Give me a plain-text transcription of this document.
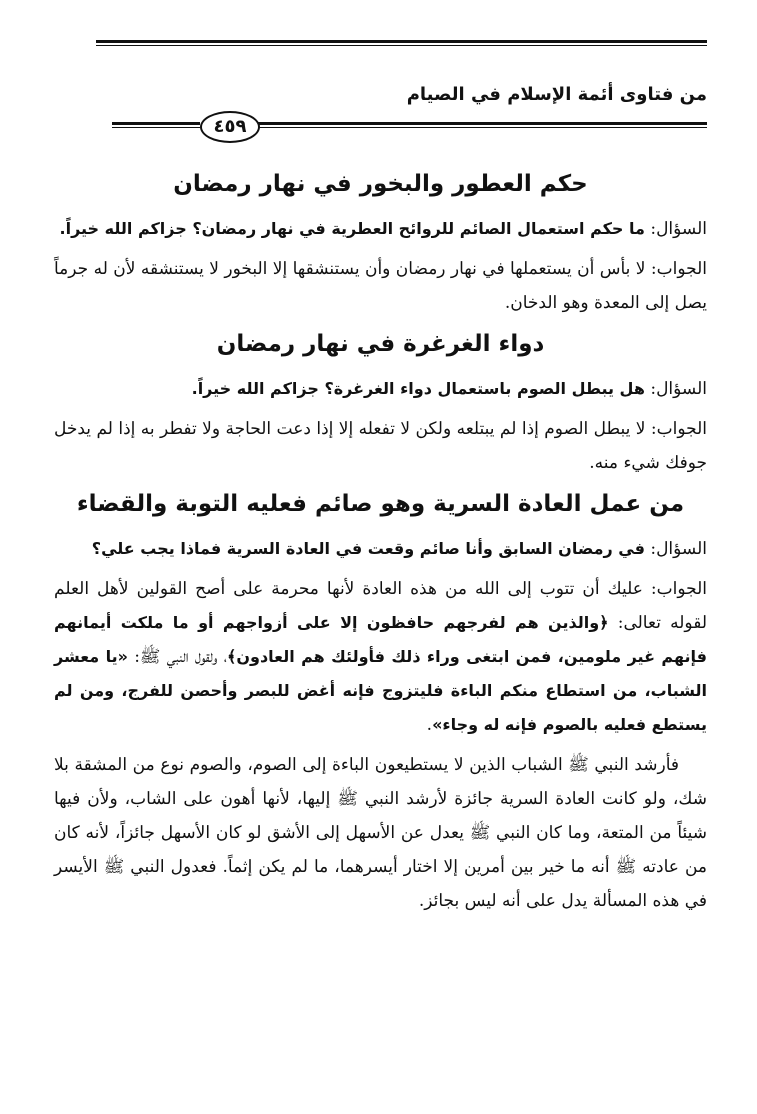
من فتاوى أئمة الإسلام في الصيام
٤٥٩
حكم العطور والبخور في نهار رمضان

السؤال: ما حكم استعمال الصائم للروائح العطرية في نهار رمضان؟ جزاكم الله خيراً.

الجواب: لا بأس أن يستعملها في نهار رمضان وأن يستنشقها إلا البخور لا يستنشقه لأن له جرماً يصل إلى المعدة وهو الدخان.

دواء الغرغرة في نهار رمضان

السؤال: هل يبطل الصوم باستعمال دواء الغرغرة؟ جزاكم الله خيراً.

الجواب: لا يبطل الصوم إذا لم يبتلعه ولكن لا تفعله إلا إذا دعت الحاجة ولا تفطر به إذا لم يدخل جوفك شيء منه.

من عمل العادة السرية وهو صائم فعليه التوبة والقضاء

السؤال: في رمضان السابق وأنا صائم وقعت في العادة السرية فماذا يجب علي؟

الجواب: عليك أن تتوب إلى الله من هذه العادة لأنها محرمة على أصح القولين لأهل العلم لقوله تعالى: ﴿والذين هم لفرجهم حافظون إلا على أزواجهم أو ما ملكت أيمانهم فإنهم غير ملومين، فمن ابتغى وراء ذلك فأولئك هم العادون﴾، ولقول النبي ﷺ: «يا معشر الشباب، من استطاع منكم الباءة فليتزوج فإنه أغض للبصر وأحصن للفرج، ومن لم يستطع فعليه بالصوم فإنه له وجاء».

فأرشد النبي ﷺ الشباب الذين لا يستطيعون الباءة إلى الصوم، والصوم نوع من المشقة بلا شك، ولو كانت العادة السرية جائزة لأرشد النبي ﷺ إليها، لأنها أهون على الشاب، ولأن فيها شيئاً من المتعة، وما كان النبي ﷺ يعدل عن الأسهل إلى الأشق لو كان الأسهل جائزاً، لأنه كان من عادته ﷺ أنه ما خير بين أمرين إلا اختار أيسرهما، ما لم يكن إثماً. فعدول النبي ﷺ الأيسر في هذه المسألة يدل على أنه ليس بجائز.
